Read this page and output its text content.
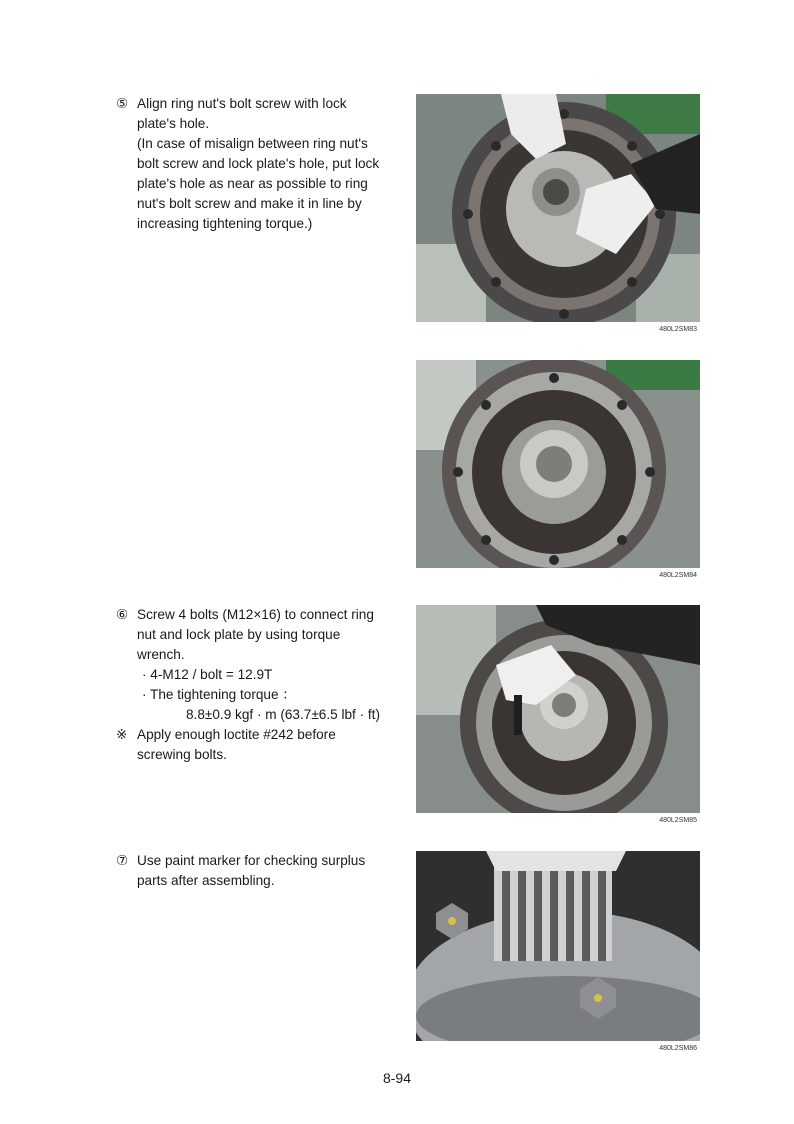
⑤ Align ring nut's bolt screw with lock

plate's hole.

(In case of misalign between ring nut's

bolt screw and lock plate's hole, put lock

plate's hole as near as possible to ring

nut's bolt screw and make it in line by

increasing tightening torque.)

⑥ Screw 4 bolts (M12×16) to connect ring

nut and lock plate by using torque

wrench.

· 4-M12 / bolt = 12.9T

· The tightening torque ：

8.8±0.9 kgf · m (63.7±6.5 lbf · ft)

※ Apply enough loctite #242 before

screwing bolts.

⑦ Use paint marker for checking surplus

parts after assembling.

480L2SM83
480L2SM84
480L2SM85
480L2SM86
8-94
